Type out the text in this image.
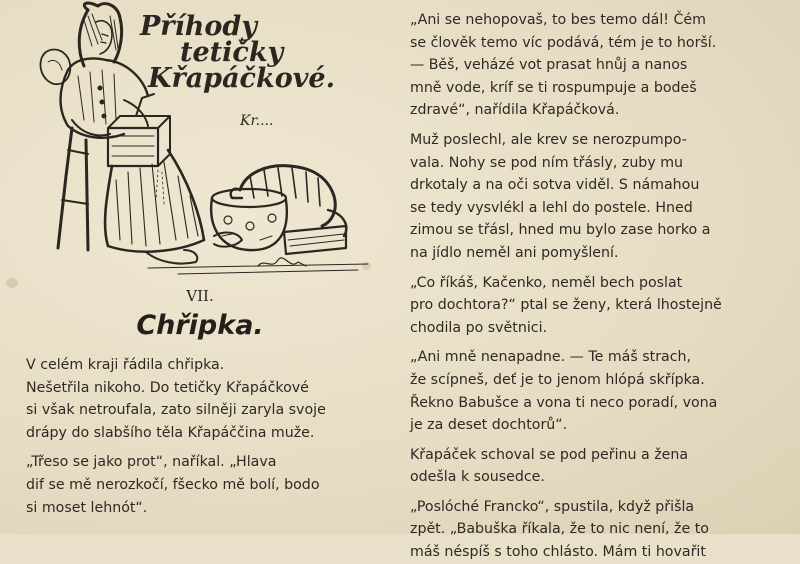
Příhody
tetičky
Křapáčkové.
Kr....
VII.
Chřipka.

V celém kraji řádila chřipka.

Nešetřila nikoho. Do tetičky Křapáčkové

si však netroufala, zato silněji zaryla svoje

drápy do slabšího těla Křapáččina muže.

„Třeso se jako prot“, naříkal. „Hlava

dif se mě nerozkočí, fšecko mě bolí, bodo

si moset lehnót“.

„Ani se nehopovaš, to bes temo dál! Čém

se člověk temo víc podává, tém je to horší.

— Běš, veházé vot prasat hnůj a nanos

mně vode, kríf se ti rospumpuje a bodeš

zdravé“, nařídila Křapáčková.

Muž poslechl, ale krev se nerozpumpo-

vala. Nohy se pod ním třásly, zuby mu

drkotaly a na oči sotva viděl. S námahou

se tedy vysvlékl a lehl do postele. Hned

zimou se třásl, hned mu bylo zase horko a

na jídlo neměl ani pomyšlení.

„Co říkáš, Kačenko, neměl bech poslat

pro dochtora?“ ptal se ženy, která lhostejně

chodila po světnici.

„Ani mně nenapadne. — Te máš strach,

že scípneš, deť je to jenom hlópá skřípka.

Řekno Babušce a vona ti neco poradí, vona

je za deset dochtorů“.

Křapáček schoval se pod peřinu a žena

odešla k sousedce.

„Poslóché Francko“, spustila, když přišla

zpět. „Babuška říkala, že to nic není, že to

máš néspíš s toho chlásto. Mám ti hovařit
